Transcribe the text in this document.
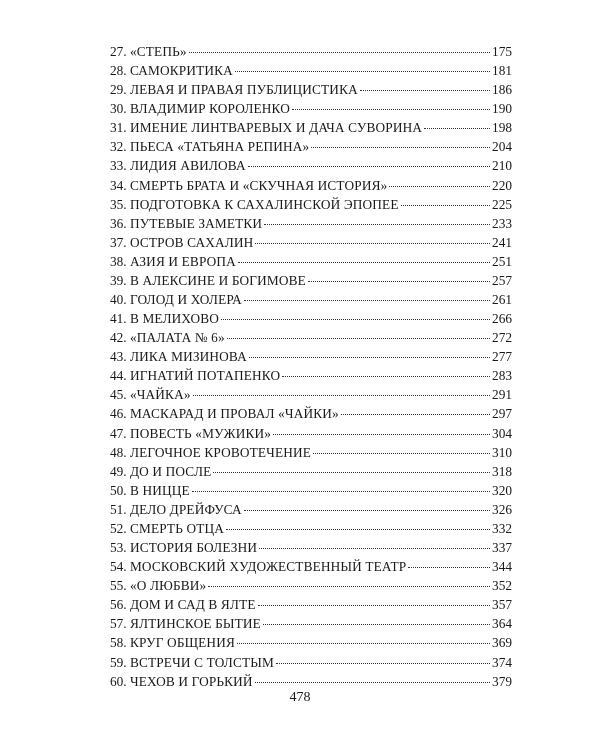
27.
«СТЕПЬ»	175
28.
САМОКРИТИКА	181
29.
ЛЕВАЯ И ПРАВАЯ ПУБЛИЦИСТИКА	186
30.
ВЛАДИМИР КОРОЛЕНКО	190
31.
ИМЕНИЕ ЛИНТВАРЕВЫХ И ДАЧА СУВОРИНА	198
32.
ПЬЕСА «ТАТЬЯНА РЕПИНА»	204
33.
ЛИДИЯ АВИЛОВА	210
34.
СМЕРТЬ БРАТА И «СКУЧНАЯ ИСТОРИЯ»	220
35.
ПОДГОТОВКА К САХАЛИНСКОЙ ЭПОПЕЕ	225
36.
ПУТЕВЫЕ ЗАМЕТКИ	233
37.
ОСТРОВ САХАЛИН	241
38.
АЗИЯ И ЕВРОПА	251
39.
В АЛЕКСИНЕ И БОГИМОВЕ	257
40.
ГОЛОД И ХОЛЕРА	261
41.
В МЕЛИХОВО	266
42.
«ПАЛАТА № 6»	272
43.
ЛИКА МИЗИНОВА	277
44.
ИГНАТИЙ ПОТАПЕНКО	283
45.
«ЧАЙКА»	291
46.
МАСКАРАД И ПРОВАЛ «ЧАЙКИ»	297
47.
ПОВЕСТЬ «МУЖИКИ»	304
48.
ЛЕГОЧНОЕ КРОВОТЕЧЕНИЕ	310
49.
ДО И ПОСЛЕ	318
50.
В НИЦЦЕ	320
51.
ДЕЛО ДРЕЙФУСА	326
52.
СМЕРТЬ ОТЦА	332
53.
ИСТОРИЯ БОЛЕЗНИ	337
54.
МОСКОВСКИЙ ХУДОЖЕСТВЕННЫЙ ТЕАТР	344
55.
«О ЛЮБВИ»	352
56.
ДОМ И САД В ЯЛТЕ	357
57.
ЯЛТИНСКОЕ БЫТИЕ	364
58.
КРУГ ОБЩЕНИЯ	369
59.
ВСТРЕЧИ С ТОЛСТЫМ	374
60.
ЧЕХОВ И ГОРЬКИЙ	379
478
